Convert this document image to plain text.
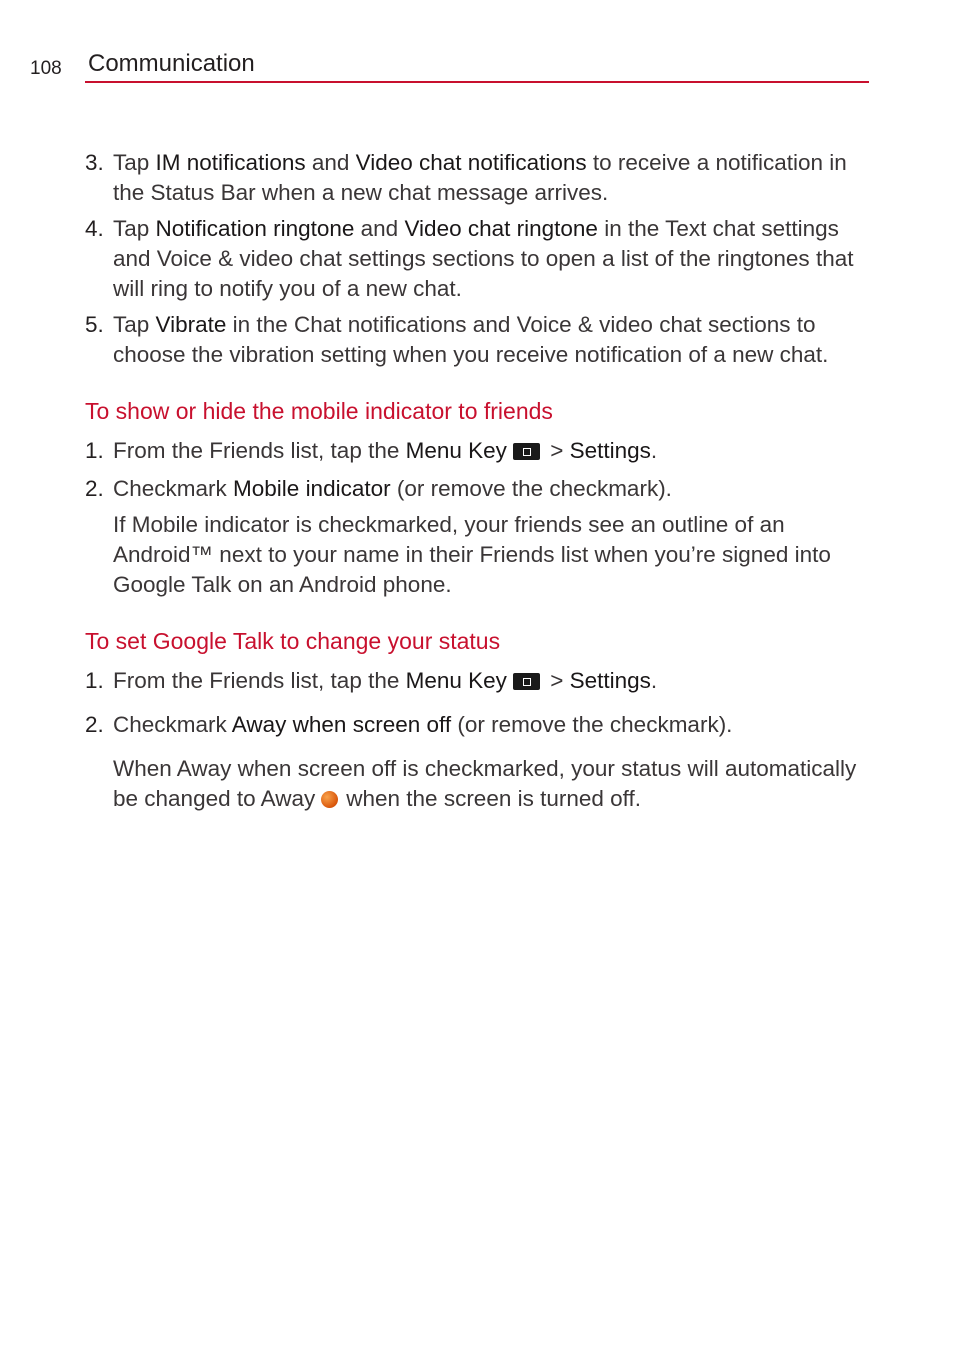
108 Communication
3. Tap IM notifications and Video chat notifications to receive a notification in the Status Bar when a new chat message arrives.
4. Tap Notification ringtone and Video chat ringtone in the Text chat settings and Voice & video chat settings sections to open a list of the ringtones that will ring to notify you of a new chat.
5. Tap Vibrate in the Chat notifications and Voice & video chat sections to choose the vibration setting when you receive notification of a new chat.
To show or hide the mobile indicator to friends
1. From the Friends list, tap the Menu Key > Settings.
2. Checkmark Mobile indicator (or remove the checkmark).
If Mobile indicator is checkmarked, your friends see an outline of an Android™ next to your name in their Friends list when you’re signed into Google Talk on an Android phone.
To set Google Talk to change your status
1. From the Friends list, tap the Menu Key > Settings.
2. Checkmark Away when screen off (or remove the checkmark).
When Away when screen off is checkmarked, your status will automatically be changed to Away when the screen is turned off.
